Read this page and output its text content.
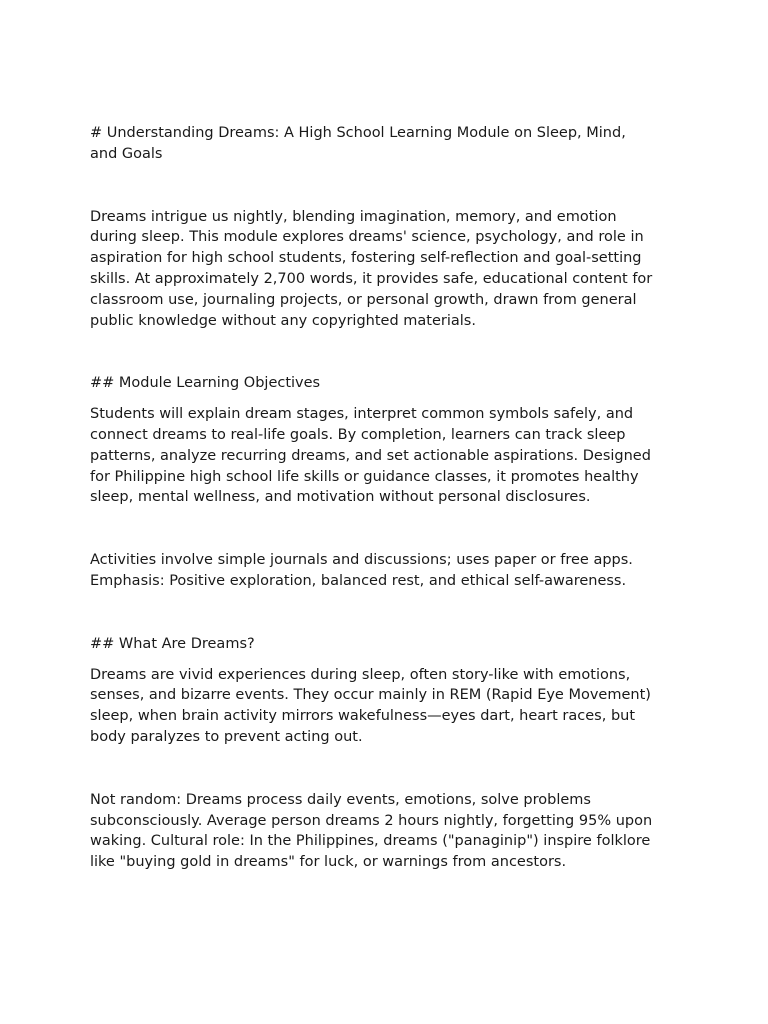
# Understanding Dreams: A High School Learning Module on Sleep, Mind,
and Goals

Dreams intrigue us nightly, blending imagination, memory, and emotion
during sleep. This module explores dreams' science, psychology, and role in
aspiration for high school students, fostering self-reflection and goal-setting
skills. At approximately 2,700 words, it provides safe, educational content for
classroom use, journaling projects, or personal growth, drawn from general
public knowledge without any copyrighted materials.

## Module Learning Objectives

Students will explain dream stages, interpret common symbols safely, and
connect dreams to real-life goals. By completion, learners can track sleep
patterns, analyze recurring dreams, and set actionable aspirations. Designed
for Philippine high school life skills or guidance classes, it promotes healthy
sleep, mental wellness, and motivation without personal disclosures.

Activities involve simple journals and discussions; uses paper or free apps.
Emphasis: Positive exploration, balanced rest, and ethical self-awareness.

## What Are Dreams?

Dreams are vivid experiences during sleep, often story-like with emotions,
senses, and bizarre events. They occur mainly in REM (Rapid Eye Movement)
sleep, when brain activity mirrors wakefulness—eyes dart, heart races, but
body paralyzes to prevent acting out.

Not random: Dreams process daily events, emotions, solve problems
subconsciously. Average person dreams 2 hours nightly, forgetting 95% upon
waking. Cultural role: In the Philippines, dreams ("panaginip") inspire folklore
like "buying gold in dreams" for luck, or warnings from ancestors.
